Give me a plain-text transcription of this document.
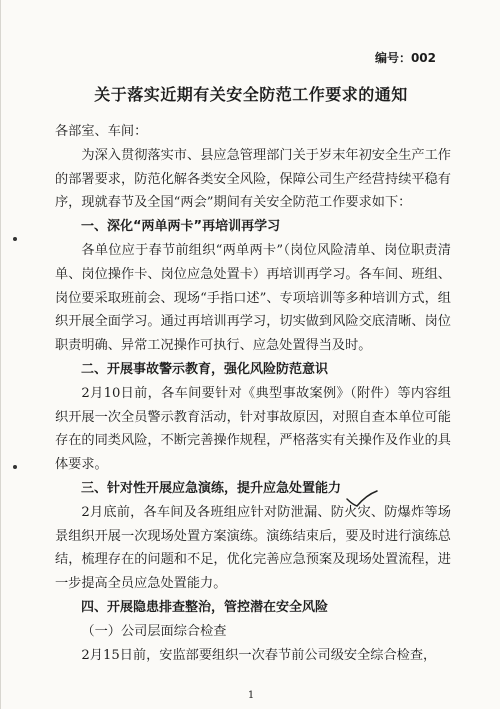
编号：002
关于落实近期有关安全防范工作要求的通知

各部室、车间：

为深入贯彻落实市、县应急管理部门关于岁末年初安全生产工作的部署要求，防范化解各类安全风险，保障公司生产经营持续平稳有序，现就春节及全国“两会”期间有关安全防范工作要求如下：

一、深化“两单两卡”再培训再学习

各单位应于春节前组织“两单两卡”（岗位风险清单、岗位职责清单、岗位操作卡、岗位应急处置卡）再培训再学习。各车间、班组、岗位要采取班前会、现场“手指口述”、专项培训等多种培训方式，组织开展全面学习。通过再培训再学习，切实做到风险交底清晰、岗位职责明确、异常工况操作可执行、应急处置得当及时。

二、开展事故警示教育，强化风险防范意识

2月10日前，各车间要针对《典型事故案例》（附件）等内容组织开展一次全员警示教育活动，针对事故原因，对照自查本单位可能存在的同类风险，不断完善操作规程，严格落实有关操作及作业的具体要求。

三、针对性开展应急演练，提升应急处置能力

2月底前，各车间及各班组应针对防泄漏、防火灾、防爆炸等场景组织开展一次现场处置方案演练。演练结束后，要及时进行演练总结，梳理存在的问题和不足，优化完善应急预案及现场处置流程，进一步提高全员应急处置能力。

四、开展隐患排查整治，管控潜在安全风险

（一）公司层面综合检查

2月15日前，安监部要组织一次春节前公司级安全综合检查，

1
